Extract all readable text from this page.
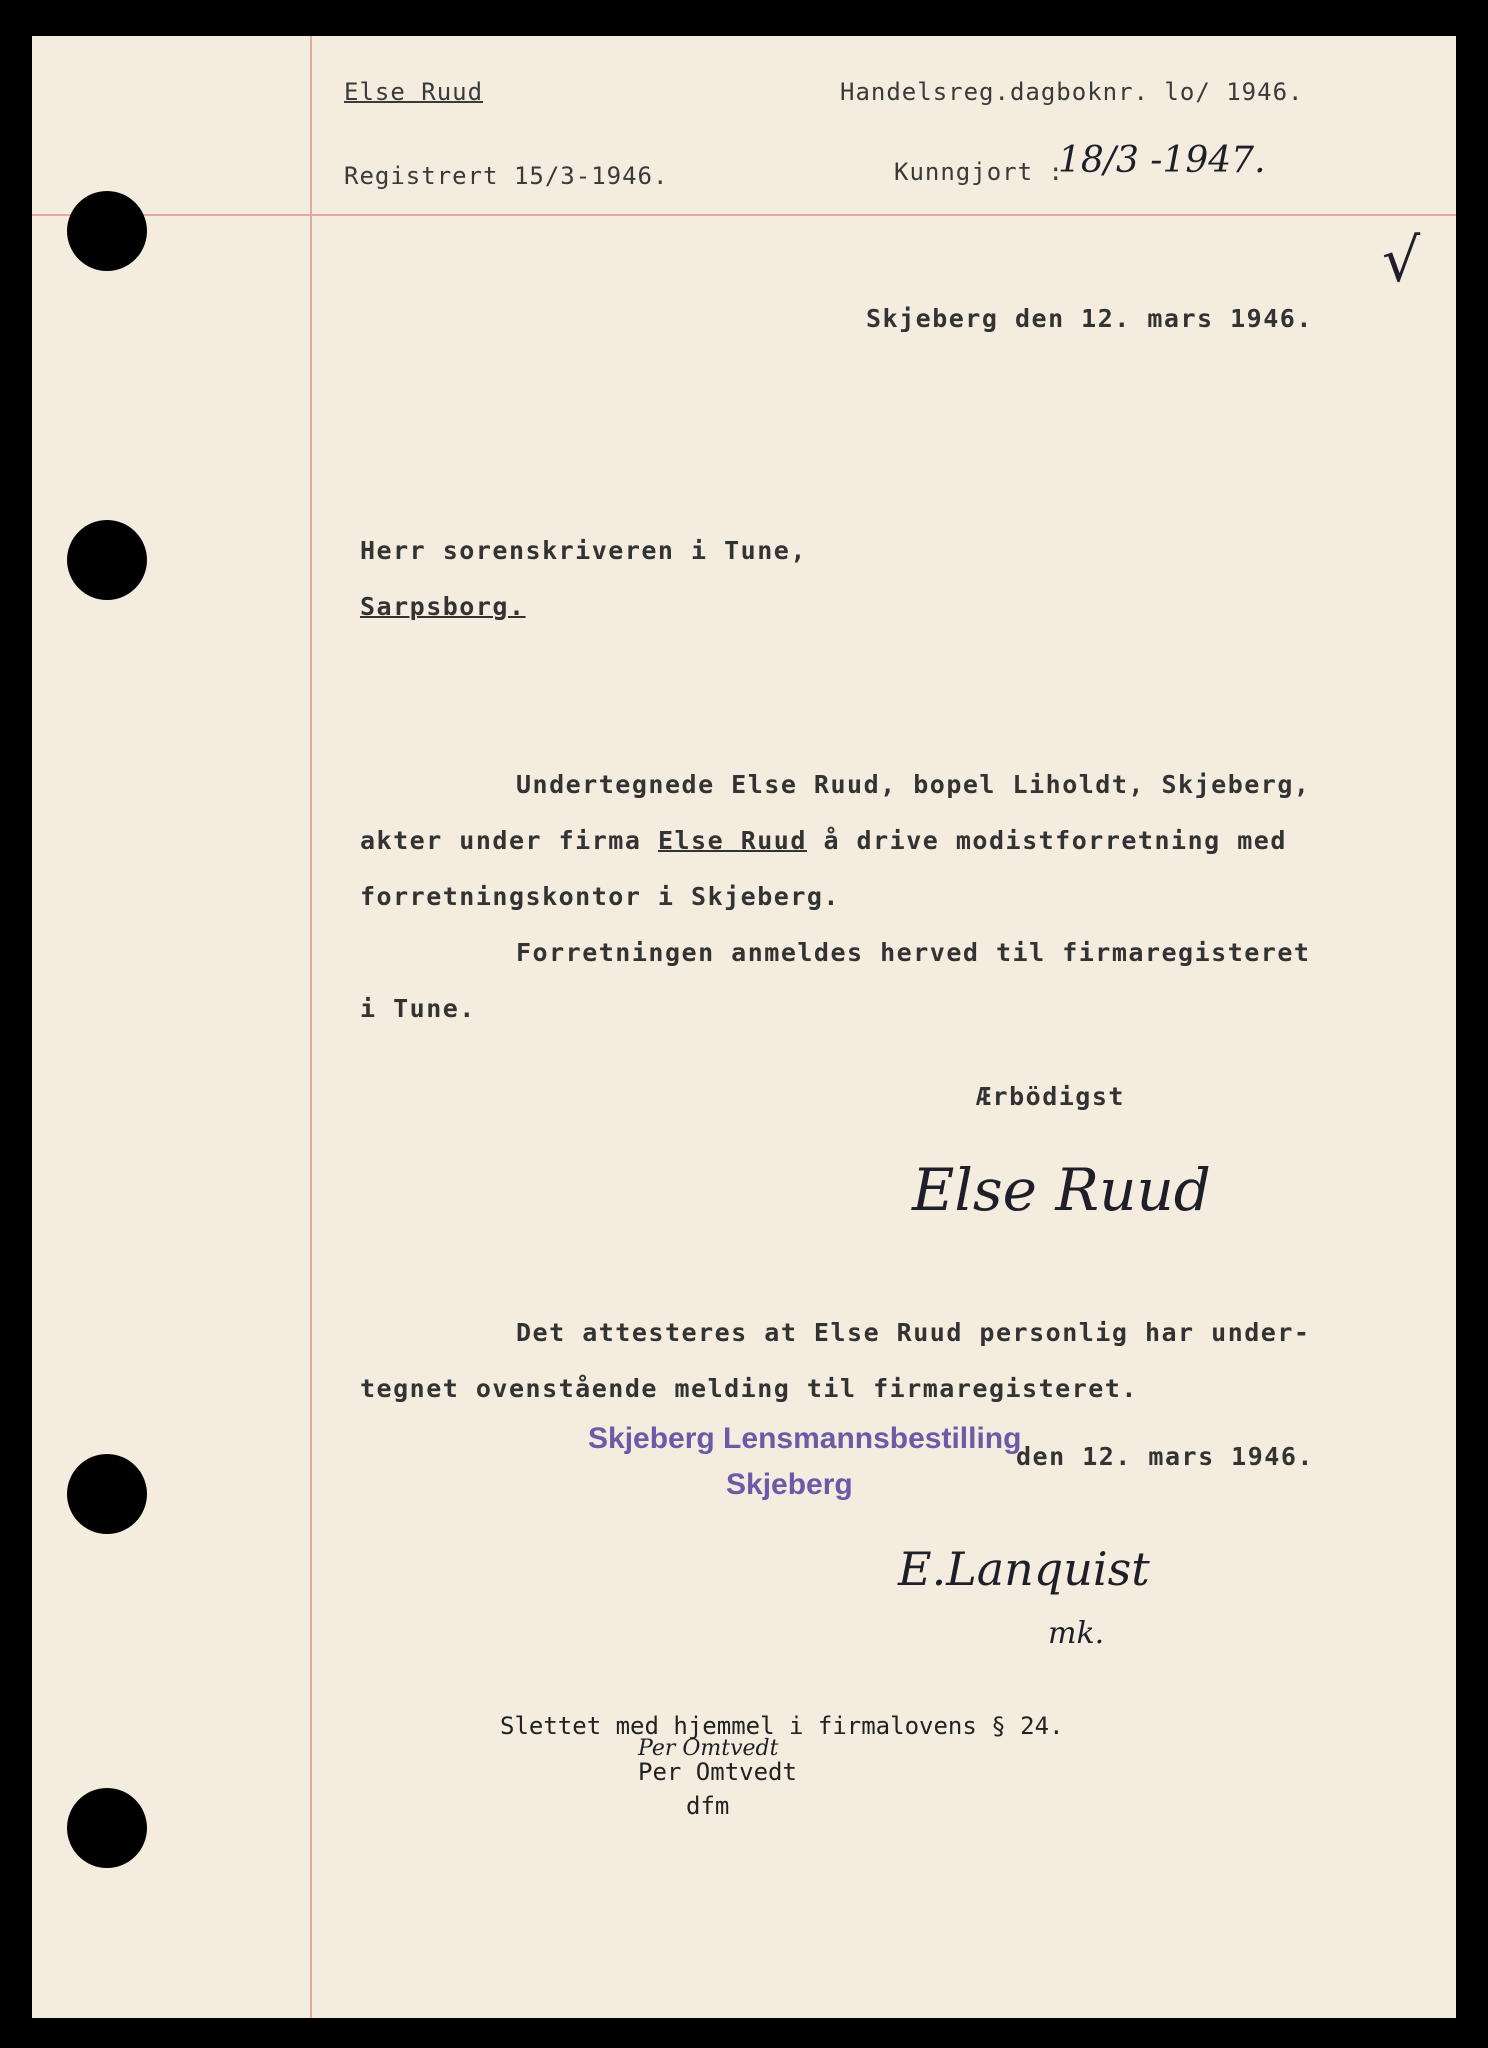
Else Ruud	Handelsreg.dagboknr. lo/ 1946.
Registrert 15/3-1946.	Kunngjort :
18/3 -1947.
√
Skjeberg den 12. mars 1946.
Herr sorenskriveren i Tune,
Sarpsborg.
Undertegnede Else Ruud, bopel Liholdt, Skjeberg,
akter under firma Else Ruud å drive modistforretning med
forretningskontor i Skjeberg.
Forretningen anmeldes herved til firmaregisteret
i Tune.
Ærbödigst
Else Ruud
Det attesteres at Else Ruud personlig har under-
tegnet ovenstående melding til firmaregisteret.
Skjeberg Lensmannsbestilling
Skjeberg
den 12. mars 1946.
E.Lanquist
mk.
Slettet med hjemmel i firmalovens § 24.
Per Omtvedt
Per Omtvedt
dfm
